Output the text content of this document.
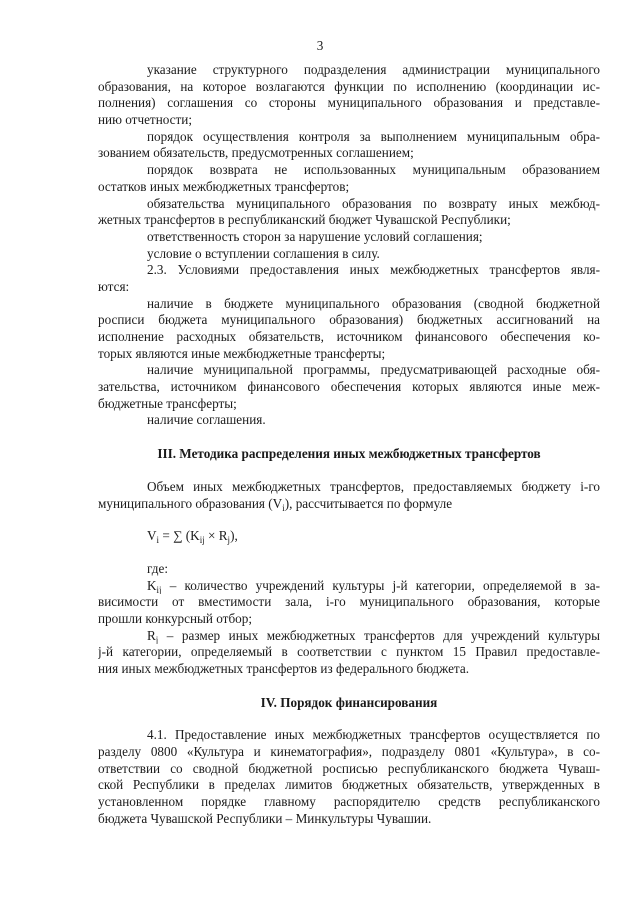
3
указание структурного подразделения администрации муниципального
образования, на которое возлагаются функции по исполнению (координации ис-
полнения) соглашения со стороны муниципального образования и представле-
нию отчетности;
порядок осуществления контроля за выполнением муниципальным обра-
зованием обязательств, предусмотренных соглашением;
порядок возврата не использованных муниципальным образованием
остатков иных межбюджетных трансфертов;
обязательства муниципального образования по возврату иных межбюд-
жетных трансфертов в республиканский бюджет Чувашской Республики;
ответственность сторон за нарушение условий соглашения;
условие о вступлении соглашения в силу.
2.3. Условиями предоставления иных межбюджетных трансфертов явля-
ются:
наличие в бюджете муниципального образования (сводной бюджетной
росписи бюджета муниципального образования) бюджетных ассигнований на
исполнение расходных обязательств, источником финансового обеспечения ко-
торых являются иные межбюджетные трансферты;
наличие муниципальной программы, предусматривающей расходные обя-
зательства, источником финансового обеспечения которых являются иные меж-
бюджетные трансферты;
наличие соглашения.
III. Методика распределения иных межбюджетных трансфертов
Объем иных межбюджетных трансфертов, предоставляемых бюджету i-го
муниципального образования $(V_i)$, рассчитывается по формуле
$V_i$ = ∑ $(K_{ij} \times R_j)$,
где:
$K_{ij}$ – количество учреждений культуры j-й категории, определяемой в за-
висимости от вместимости зала, i-го муниципального образования, которые
прошли конкурсный отбор;
$R_j$ – размер иных межбюджетных трансфертов для учреждений культуры
j-й категории, определяемый в соответствии с пунктом 15 Правил предоставле-
ния иных межбюджетных трансфертов из федерального бюджета.
IV. Порядок финансирования
4.1. Предоставление иных межбюджетных трансфертов осуществляется по
разделу 0800 «Культура и кинематография», подразделу 0801 «Культура», в со-
ответствии со сводной бюджетной росписью республиканского бюджета Чуваш-
ской Республики в пределах лимитов бюджетных обязательств, утвержденных в
установленном порядке главному распорядителю средств республиканского
бюджета Чувашской Республики – Минкультуры Чувашии.
